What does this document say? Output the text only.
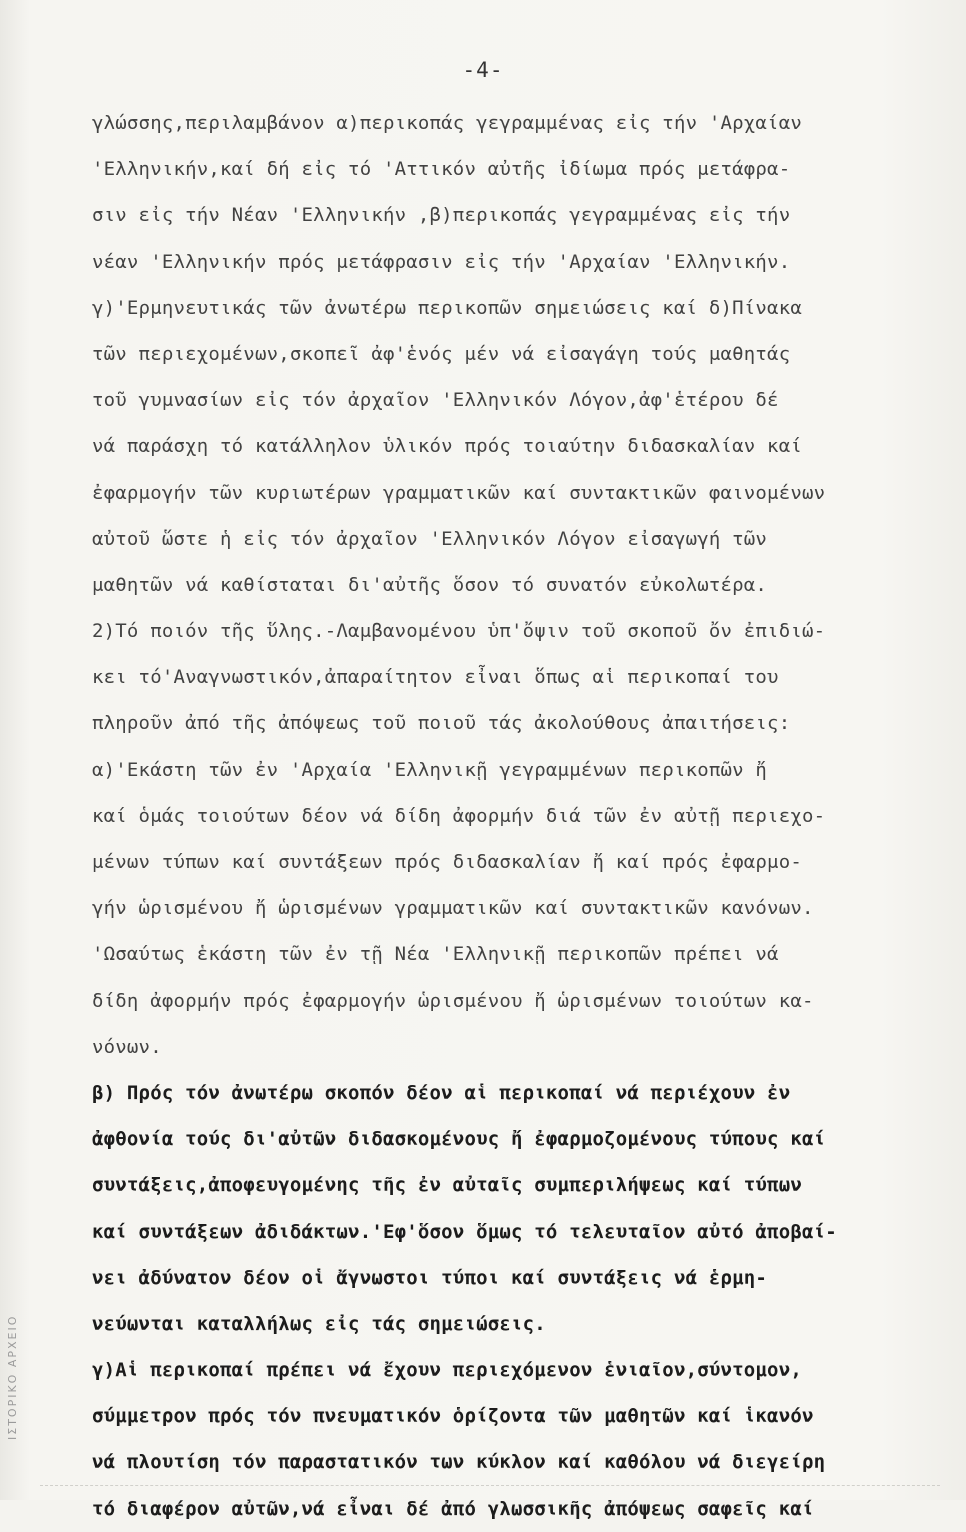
-4-
γλώσσης,περιλαμβάνον α)περικοπάς γεγραμμένας εἰς τήν 'Αρχαίαν
'Ελληνικήν,καί δή εἰς τό 'Αττικόν αὐτῆς ἰδίωμα πρός μετάφρα-
σιν εἰς τήν Νέαν 'Ελληνικήν ,β)περικοπάς γεγραμμένας εἰς τήν
νέαν 'Ελληνικήν πρός μετάφρασιν εἰς τήν 'Αρχαίαν 'Ελληνικήν.
γ)'Ερμηνευτικάς τῶν ἀνωτέρω περικοπῶν σημειώσεις καί δ)Πίνακα
τῶν περιεχομένων,σκοπεῖ ἀφ'ἑνός μέν νά εἰσαγάγη τούς μαθητάς
τοῦ γυμνασίων εἰς τόν ἀρχαῖον 'Ελληνικόν Λόγον,ἀφ'ἑτέρου δέ
νά παράσχη τό κατάλληλον ὑλικόν πρός τοιαύτην διδασκαλίαν καί
ἐφαρμογήν τῶν κυριωτέρων γραμματικῶν καί συντακτικῶν φαινομένων
αὐτοῦ ὥστε ἡ εἰς τόν ἀρχαῖον 'Ελληνικόν Λόγον εἰσαγωγή τῶν
μαθητῶν νά καθίσταται δι'αὐτῆς ὅσον τό συνατόν εὐκολωτέρα.
2)Τό ποιόν τῆς ὕλης.-Λαμβανομένου ὑπ'ὄψιν τοῦ σκοποῦ ὄν ἐπιδιώ-
κει τό'Αναγνωστικόν,ἀπαραίτητον εἶναι ὅπως αἱ περικοπαί του
πληροῦν ἀπό τῆς ἀπόψεως τοῦ ποιοῦ τάς ἀκολούθους ἀπαιτήσεις:
α)'Εκάστη τῶν ἐν 'Αρχαία 'Ελληνικῇ γεγραμμένων περικοπῶν ἤ
καί ὁμάς τοιούτων δέον νά δίδη ἀφορμήν διά τῶν ἐν αὐτῇ περιεχο-
μένων τύπων καί συντάξεων πρός διδασκαλίαν ἤ καί πρός ἐφαρμο-
γήν ὡρισμένου ἤ ὡρισμένων γραμματικῶν καί συντακτικῶν κανόνων.
'Ωσαύτως ἑκάστη τῶν ἐν τῇ Νέα 'Ελληνικῇ περικοπῶν πρέπει νά
δίδη ἀφορμήν πρός ἐφαρμογήν ὡρισμένου ἤ ὡρισμένων τοιούτων κα-
νόνων.
β) Πρός τόν ἀνωτέρω σκοπόν δέον αἱ περικοπαί νά περιέχουν ἐν
ἀφθονία τούς δι'αὐτῶν διδασκομένους ἤ ἐφαρμοζομένους τύπους καί
συντάξεις,ἀποφευγομένης τῆς ἐν αὐταῖς συμπεριλήψεως καί τύπων
καί συντάξεων ἀδιδάκτων.'Εφ'ὅσον ὅμως τό τελευταῖον αὐτό ἀποβαί-
νει ἀδύνατον δέον οἱ ἄγνωστοι τύποι καί συντάξεις νά ἑρμη-
νεύωνται καταλλήλως εἰς τάς σημειώσεις.
γ)Αἱ περικοπαί πρέπει νά ἔχουν περιεχόμενον ἑνιαῖον,σύντομον,
σύμμετρον πρός τόν πνευματικόν ὁρίζοντα τῶν μαθητῶν καί ἱκανόν
νά πλουτίση τόν παραστατικόν των κύκλον καί καθόλου νά διεγείρη
τό διαφέρον αὐτῶν,νά εἶναι δέ ἀπό γλωσσικῆς ἀπόψεως σαφεῖς καί
ΙΣΤΟΡΙΚΟ ΑΡΧΕΙΟ
